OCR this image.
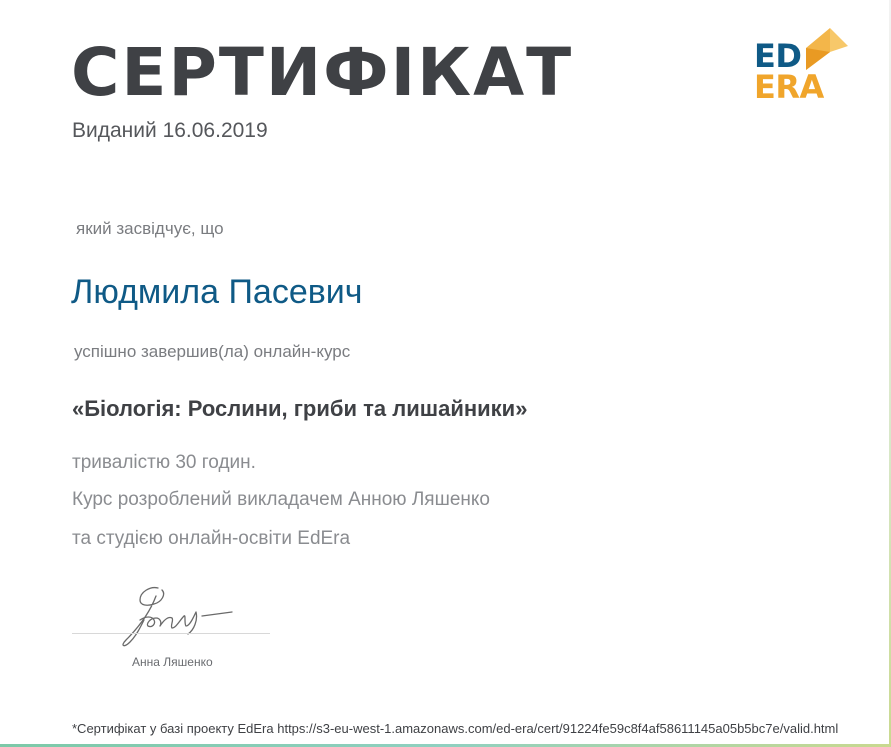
СЕРТИФІКАТ
Виданий 16.06.2019
ED
ERA
який засвідчує, що
Людмила Пасевич
успішно завершив(ла) онлайн-курс
«Біологія: Рослини, гриби та лишайники»
тривалістю 30 годин.
Курс розроблений викладачем Анною Ляшенко
та студією онлайн-освіти EdEra
Анна Ляшенко
*Сертифікат у базі проекту EdEra https://s3-eu-west-1.amazonaws.com/ed-era/cert/91224fe59c8f4af58611145a05b5bc7e/valid.html
